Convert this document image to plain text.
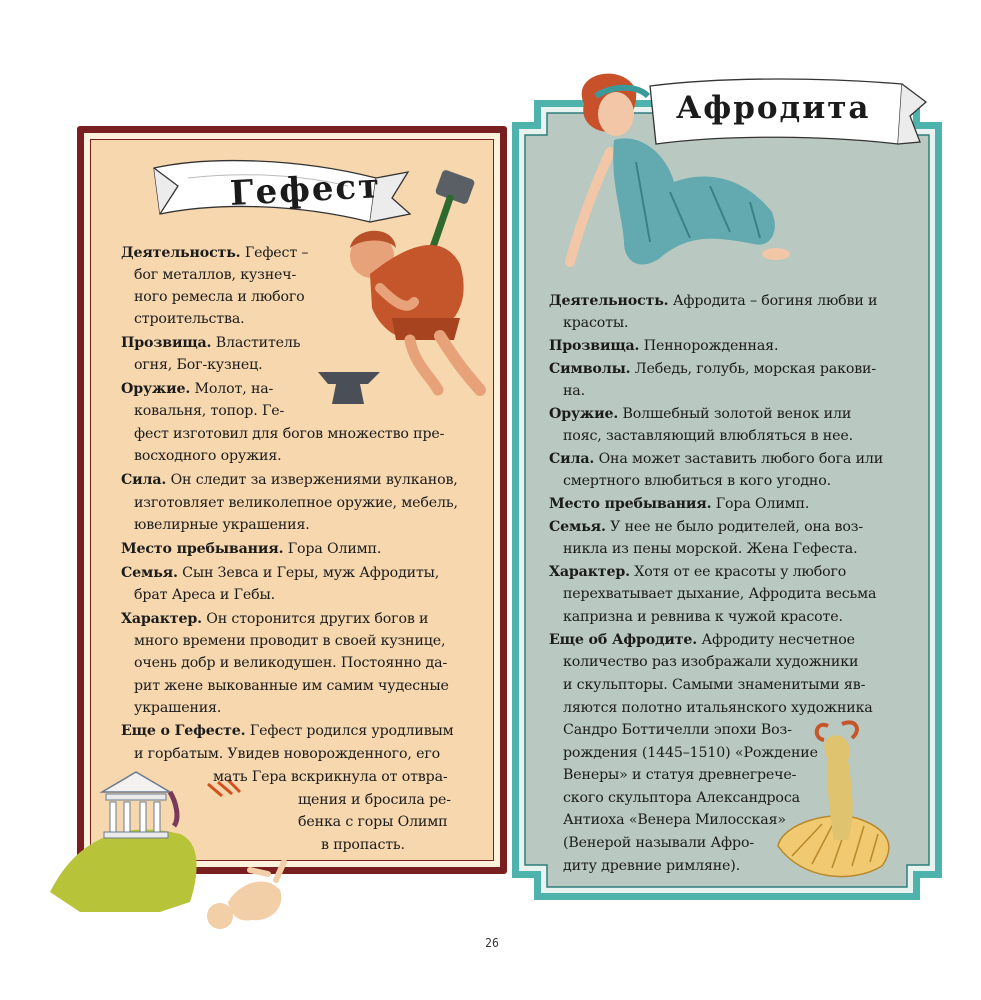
Гефест
Афродита
Деятельность. Гефест –
бог металлов, кузнеч-
ного ремесла и любого
строительства.
Прозвища. Властитель
огня, Бог-кузнец.
Оружие. Молот, на-
ковальня, топор. Ге-
фест изготовил для богов множество пре-
восходного оружия.
Сила. Он следит за извержениями вулканов,
изготовляет великолепное оружие, мебель,
ювелирные украшения.
Место пребывания. Гора Олимп.
Семья. Сын Зевса и Геры, муж Афродиты,
брат Ареса и Гебы.
Характер. Он сторонится других богов и
много времени проводит в своей кузнице,
очень добр и великодушен. Постоянно да-
рит жене выкованные им самим чудесные
украшения.
Еще о Гефесте. Гефест родился уродливым
и горбатым. Увидев новорожденного, его
мать Гера вскрикнула от отвра-
щения и бросила ре-
бенка с горы Олимп
в пропасть.
Деятельность. Афродита – богиня любви и
красоты.
Прозвища. Пеннорожденная.
Символы. Лебедь, голубь, морская ракови-
на.
Оружие. Волшебный золотой венок или
пояс, заставляющий влюбляться в нее.
Сила. Она может заставить любого бога или
смертного влюбиться в кого угодно.
Место пребывания. Гора Олимп.
Семья. У нее не было родителей, она воз-
никла из пены морской. Жена Гефеста.
Характер. Хотя от ее красоты у любого
перехватывает дыхание, Афродита весьма
капризна и ревнива к чужой красоте.
Еще об Афродите. Афродиту несчетное
количество раз изображали художники
и скульпторы. Самыми знаменитыми яв-
ляются полотно итальянского художника
Сандро Боттичелли эпохи Воз-
рождения (1445–1510) «Рождение
Венеры» и статуя древнегрече-
ского скульптора Александроса
Антиоха «Венера Милосская»
(Венерой называли Афро-
диту древние римляне).
26
